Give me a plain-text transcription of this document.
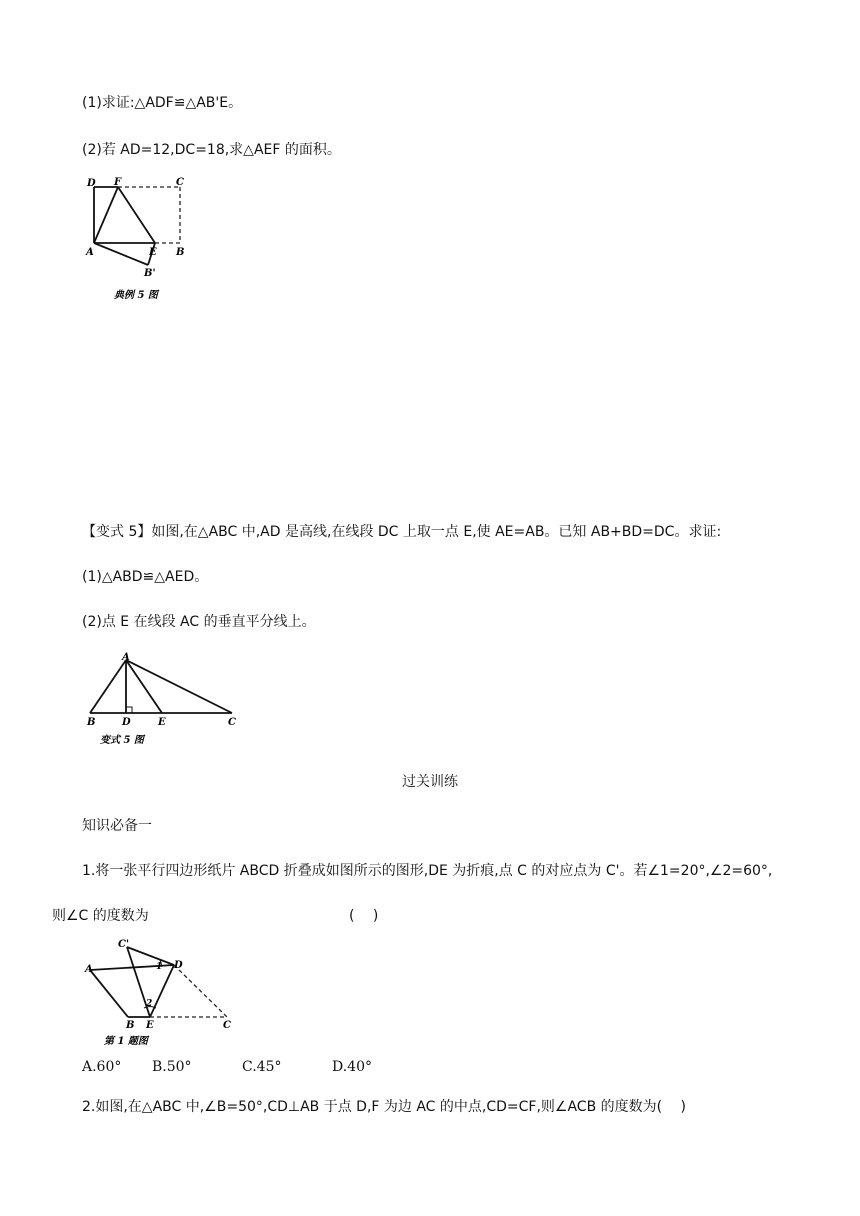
(1)求证:△ADF≌△AB'E。
(2)若 AD=12,DC=18,求△AEF 的面积。
D F	C
A	E B
B'
典例 5 图
【变式 5】如图,在△ABC 中,AD 是高线,在线段 DC 上取一点 E,使 AE=AB。已知 AB+BD=DC。求证:
(1)△ABD≌△AED。
(2)点 E 在线段 AC 的垂直平分线上。
A
B	D	E	C
变式 5 图
过关训练
知识必备一
1.将一张平行四边形纸片 ABCD 折叠成如图所示的图形,DE 为折痕,点 C 的对应点为 C'。若∠1=20°,∠2=60°,
则∠C 的度数为	(　 )
C'
A	D
1
2
B E	C
第 1 题图
A.60° B.50°	C.45°	D.40°
2.如图,在△ABC 中,∠B=50°,CD⊥AB 于点 D,F 为边 AC 的中点,CD=CF,则∠ACB 的度数为(　 )
